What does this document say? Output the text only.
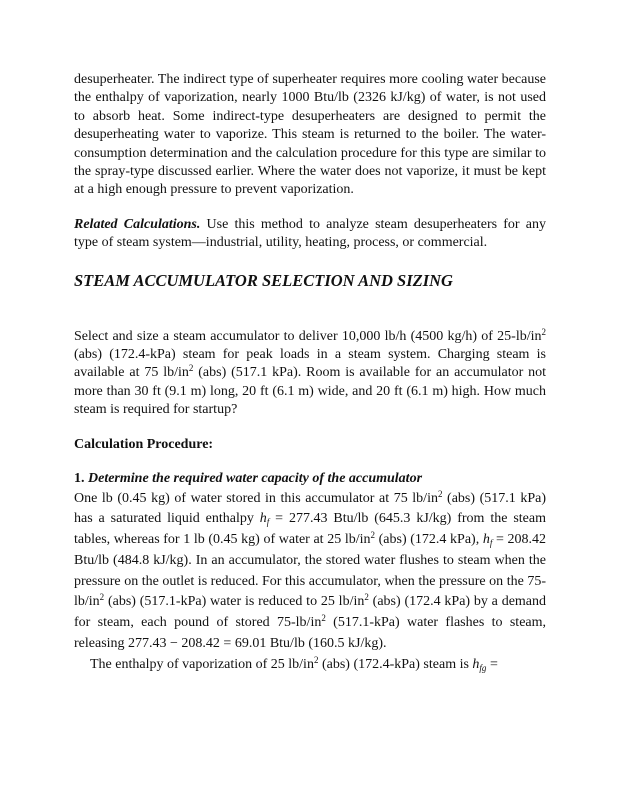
desuperheater. The indirect type of superheater requires more cooling water because the enthalpy of vaporization, nearly 1000 Btu/lb (2326 kJ/kg) of water, is not used to absorb heat. Some indirect-type desuperheaters are designed to permit the desuperheating water to vaporize. This steam is returned to the boiler. The water-consumption determination and the calculation procedure for this type are similar to the spray-type discussed earlier. Where the water does not vaporize, it must be kept at a high enough pressure to prevent vaporization.

Related Calculations. Use this method to analyze steam desuperheaters for any type of steam system—industrial, utility, heating, process, or commercial.

STEAM ACCUMULATOR SELECTION AND SIZING

Select and size a steam accumulator to deliver 10,000 lb/h (4500 kg/h) of $25-lb/in^2$ (abs) (172.4-kPa) steam for peak loads in a steam system. Charging steam is available at 75 $lb/in^2$ (abs) (517.1 kPa). Room is available for an accumulator not more than 30 ft (9.1 m) long, 20 ft (6.1 m) wide, and 20 ft (6.1 m) high. How much steam is required for startup?

Calculation Procedure:

1. Determine the required water capacity of the accumulator

One lb (0.45 kg) of water stored in this accumulator at 75 $lb/in^2$ (abs) (517.1 kPa) has a saturated liquid enthalpy $h_f = 277.43$ Btu/lb (645.3 kJ/kg) from the steam tables, whereas for 1 lb (0.45 kg) of water at 25 $lb/in^2$ (abs) (172.4 kPa), $h_f = 208.42$ Btu/lb (484.8 kJ/kg). In an accumulator, the stored water flushes to steam when the pressure on the outlet is reduced. For this accumulator, when the pressure on the $75-lb/in^2$ (abs) (517.1-kPa) water is reduced to 25 $lb/in^2$ (abs) (172.4 kPa) by a demand for steam, each pound of stored $75-lb/in^2$ (517.1-kPa) water flashes to steam, releasing 277.43 − 208.42 = 69.01 Btu/lb (160.5 kJ/kg).

The enthalpy of vaporization of 25 $lb/in^2$ (abs) (172.4-kPa) steam is $h_{fg}$ =
